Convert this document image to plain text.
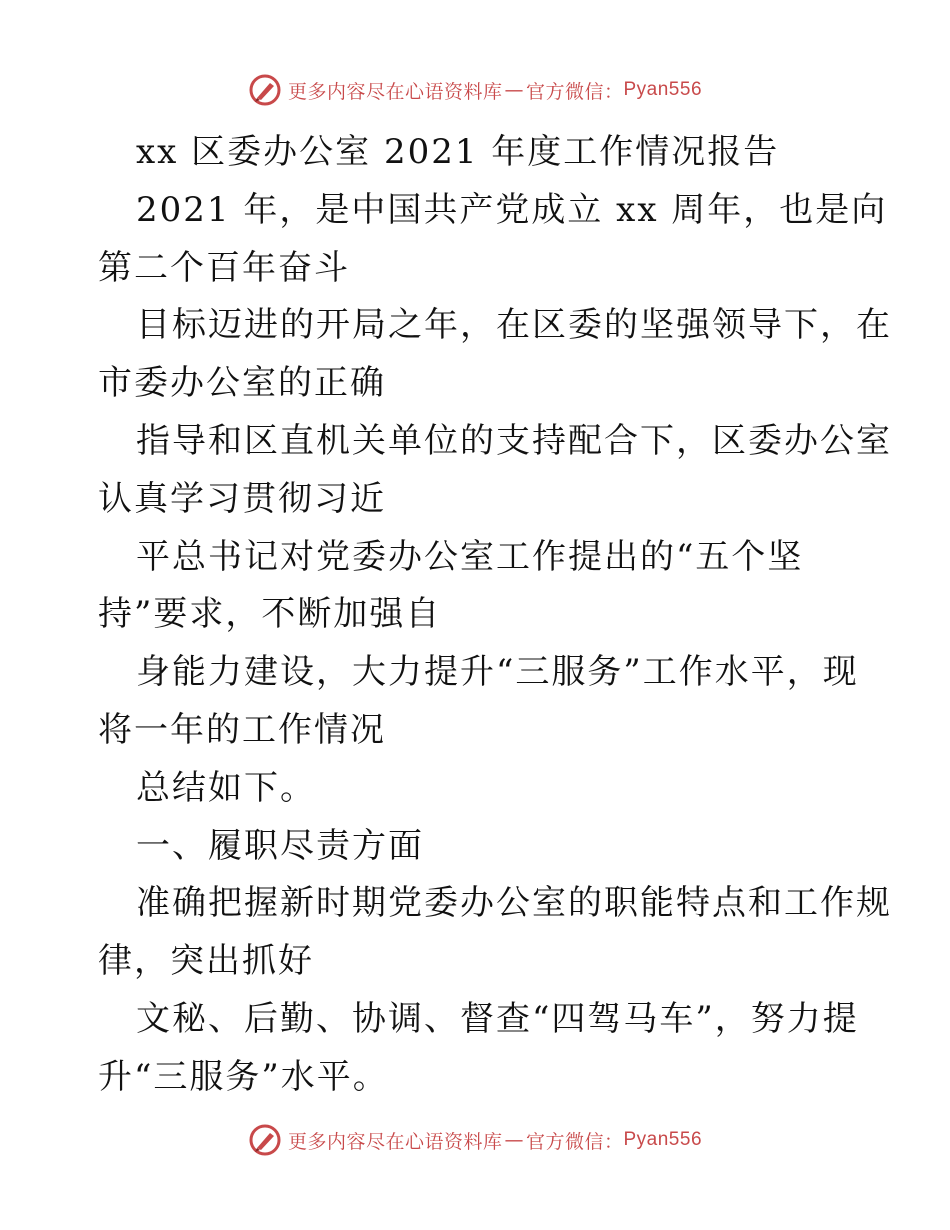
更多内容尽在心语资料库 — 官方微信： Pyan556
xx 区委办公室 2021 年度工作情况报告
2021 年，是中国共产党成立 xx 周年，也是向
第二个百年奋斗
目标迈进的开局之年，在区委的坚强领导下，在
市委办公室的正确
指导和区直机关单位的支持配合下，区委办公室
认真学习贯彻习近
平总书记对党委办公室工作提出的“五个坚
持”要求，不断加强自
身能力建设，大力提升“三服务”工作水平，现
将一年的工作情况
总结如下。
一、履职尽责方面
准确把握新时期党委办公室的职能特点和工作规
律，突出抓好
文秘、后勤、协调、督查“四驾马车”，努力提
升“三服务”水平。
更多内容尽在心语资料库 — 官方微信： Pyan556
